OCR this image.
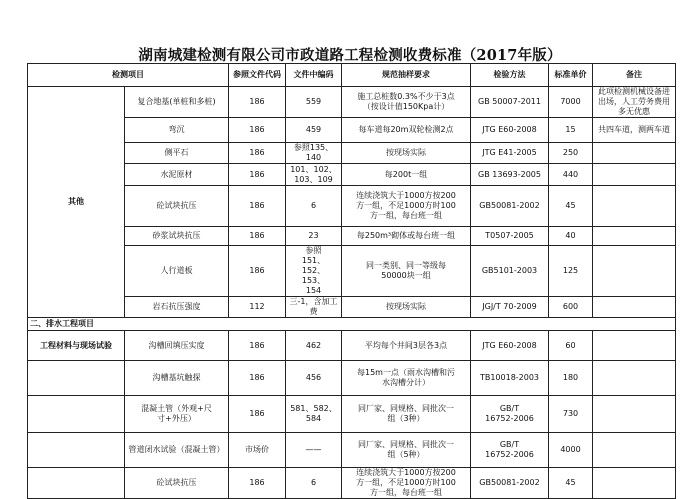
湖南城建检测有限公司市政道路工程检测收费标准（2017年版）
检测项目		参照文件代码	文件中编码	规范抽样要求	检验方法	标准单价	备注
其他	复合地基(单桩和多桩)	186	559	施工总桩数0.3%不少于3点（按设计值150Kpa计）	GB 50007-2011	7000	此项检测机械设备进出场，人工劳务费用多无优惠
	弯沉	186	459	每车道每20m双轮检测2点	JTG E60-2008	15	共四车道，测两车道
	侧平石	186	参照135、140	按现场实际	JTG E41-2005	250	
	水泥原材	186	101、102、103、109	每200t一组	GB 13693-2005	440	
	砼试块抗压	186	6	连续浇筑大于1000方按200方一组，不足1000方时100方一组，每台班一组	GB50081-2002	45	
	砂浆试块抗压	186	23	每250m³砌体或每台班一组	T0507-2005	40	
	人行道板	186	参照151、152、153、154	同一类别、同一等级每50000块一组	GB5101-2003	125	
	岩石抗压强度	112	三-1，含加工费	按现场实际	JGJ/T 70-2009	600	
二、排水工程项目							
工程材料与现场试验	沟槽回填压实度	186	462	平均每个井间3层各3点	JTG E60-2008	60	
	沟槽基坑触探	186	456	每15m一点（雨水沟槽和污水沟槽分计）	TB10018-2003	180	
	混凝土管（外观+尺寸+外压）	186	581、582、584	同厂家、同规格、同批次一组（3种）	GB/T 16752-2006	730	
	管道闭水试验（混凝土管）	市场价	——	同厂家、同规格、同批次一组（5种）	GB/T 16752-2006	4000	
	砼试块抗压	186	6	连续浇筑大于1000方按200方一组，不足1000方时100方一组，每台班一组	GB50081-2002	45	
